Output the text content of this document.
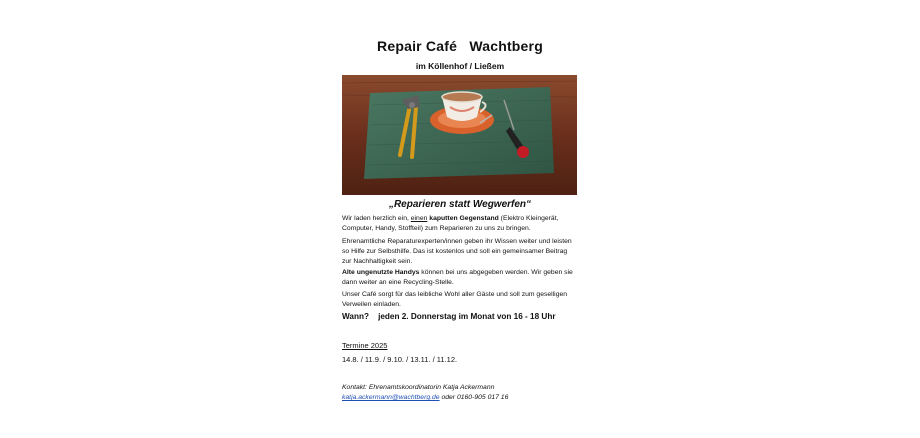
Repair Café   Wachtberg
im Köllenhof / Ließem
„Reparieren statt Wegwerfen“
Wir laden herzlich ein, einen kaputten Gegenstand (Elektro Kleingerät, Computer, Handy, Stoffteil) zum Reparieren zu uns zu bringen.
Ehrenamtliche Reparaturexperten/innen geben ihr Wissen weiter und leisten so Hilfe zur Selbsthilfe. Das ist kostenlos und soll ein gemeinsamer Beitrag zur Nachhaltigkeit sein.
Alte ungenutzte Handys können bei uns abgegeben werden. Wir geben sie dann weiter an eine Recycling-Stelle.
Unser Café sorgt für das leibliche Wohl aller Gäste und soll zum geselligen Verweilen einladen.
Wann? jeden 2. Donnerstag im Monat von 16 - 18 Uhr
Termine 2025
14.8. / 11.9. / 9.10. / 13.11. / 11.12.
Kontakt: Ehrenamtskoordinatorin Katja Ackermann
katja.ackermann@wachtberg.de oder 0160-905 017 16
